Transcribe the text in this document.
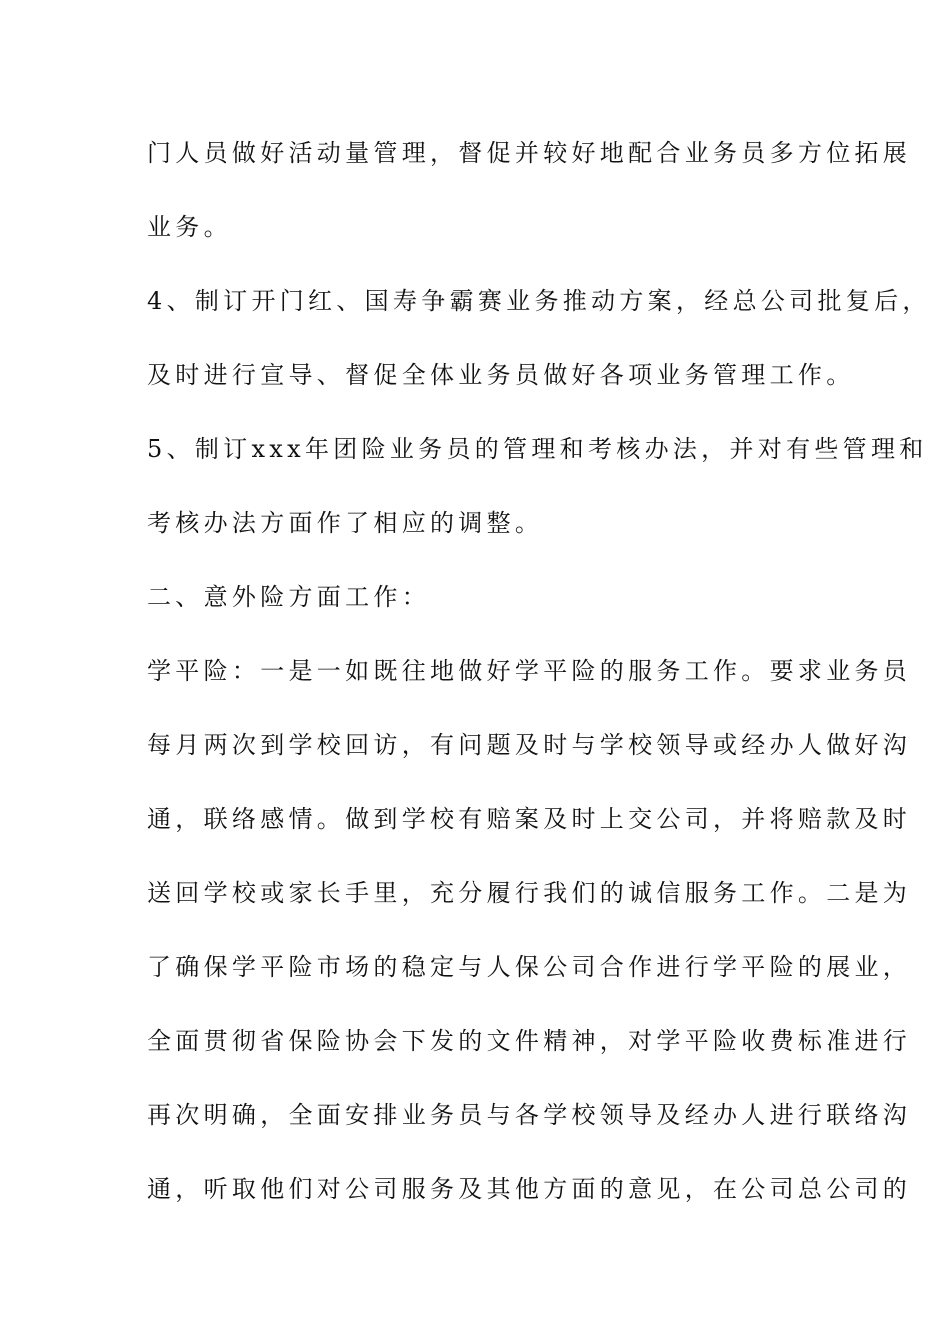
门人员做好活动量管理，督促并较好地配合业务员多方位拓展
业务。
4、制订开门红、国寿争霸赛业务推动方案，经总公司批复后，
及时进行宣导、督促全体业务员做好各项业务管理工作。
5、制订xxx年团险业务员的管理和考核办法，并对有些管理和
考核办法方面作了相应的调整。
二、意外险方面工作：
学平险：一是一如既往地做好学平险的服务工作。要求业务员
每月两次到学校回访，有问题及时与学校领导或经办人做好沟
通，联络感情。做到学校有赔案及时上交公司，并将赔款及时
送回学校或家长手里，充分履行我们的诚信服务工作。二是为
了确保学平险市场的稳定与人保公司合作进行学平险的展业，
全面贯彻省保险协会下发的文件精神，对学平险收费标准进行
再次明确，全面安排业务员与各学校领导及经办人进行联络沟
通，听取他们对公司服务及其他方面的意见，在公司总公司的
